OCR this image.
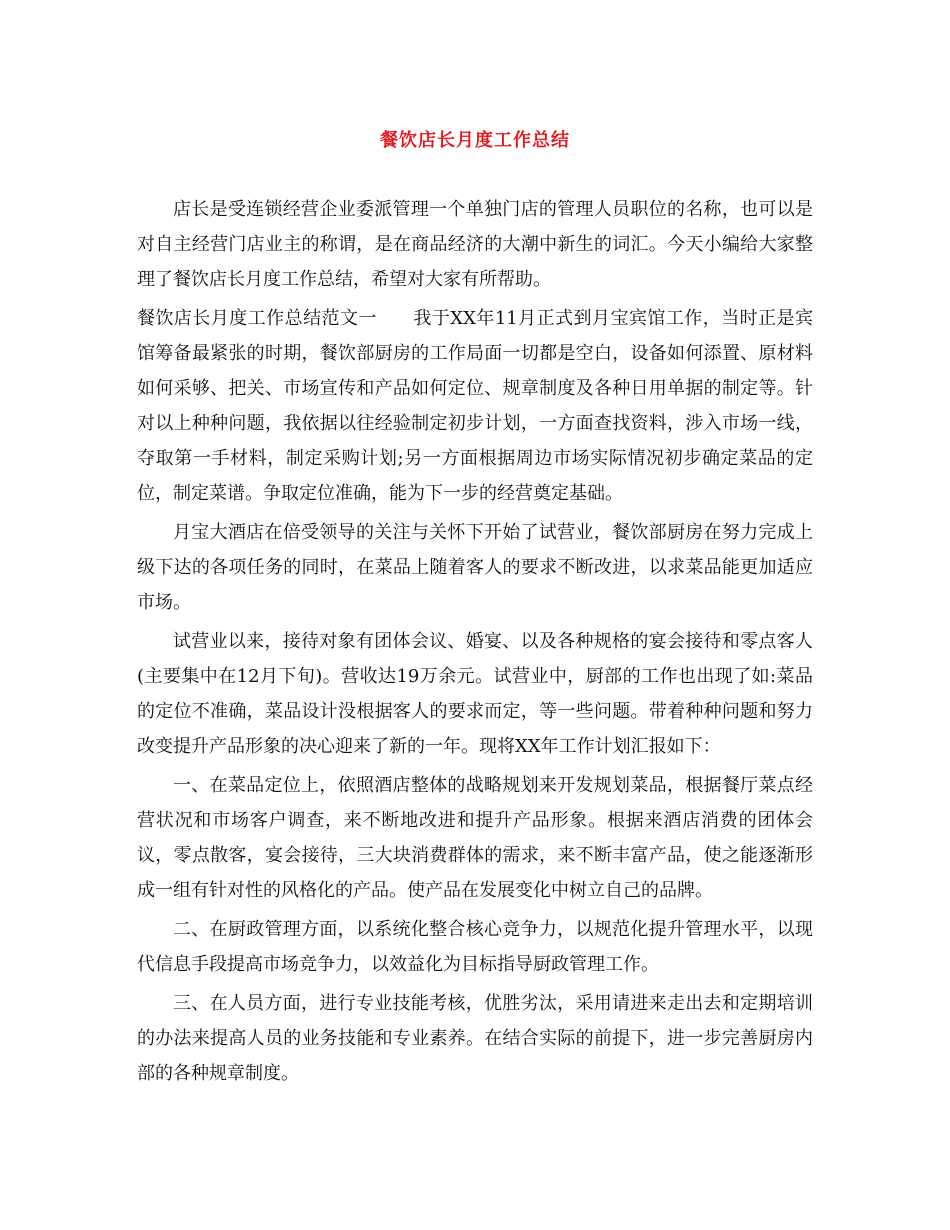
餐饮店长月度工作总结

店长是受连锁经营企业委派管理一个单独门店的管理人员职位的名称，也可以是对自主经营门店业主的称谓，是在商品经济的大潮中新生的词汇。今天小编给大家整理了餐饮店长月度工作总结，希望对大家有所帮助。

餐饮店长月度工作总结范文一 我于XX年11月正式到月宝宾馆工作，当时正是宾馆筹备最紧张的时期，餐饮部厨房的工作局面一切都是空白，设备如何添置、原材料如何采够、把关、市场宣传和产品如何定位、规章制度及各种日用单据的制定等。针对以上种种问题，我依据以往经验制定初步计划，一方面查找资料，涉入市场一线，夺取第一手材料，制定采购计划;另一方面根据周边市场实际情况初步确定菜品的定位，制定菜谱。争取定位准确，能为下一步的经营奠定基础。

月宝大酒店在倍受领导的关注与关怀下开始了试营业，餐饮部厨房在努力完成上级下达的各项任务的同时，在菜品上随着客人的要求不断改进，以求菜品能更加适应市场。

试营业以来，接待对象有团体会议、婚宴、以及各种规格的宴会接待和零点客人(主要集中在12月下旬)。营收达19万余元。试营业中，厨部的工作也出现了如:菜品的定位不准确，菜品设计没根据客人的要求而定，等一些问题。带着种种问题和努力改变提升产品形象的决心迎来了新的一年。现将XX年工作计划汇报如下：

一、在菜品定位上，依照酒店整体的战略规划来开发规划菜品，根据餐厅菜点经营状况和市场客户调查，来不断地改进和提升产品形象。根据来酒店消费的团体会议，零点散客，宴会接待，三大块消费群体的需求，来不断丰富产品，使之能逐渐形成一组有针对性的风格化的产品。使产品在发展变化中树立自己的品牌。

二、在厨政管理方面，以系统化整合核心竞争力，以规范化提升管理水平，以现代信息手段提高市场竞争力，以效益化为目标指导厨政管理工作。

三、在人员方面，进行专业技能考核，优胜劣汰，采用请进来走出去和定期培训的办法来提高人员的业务技能和专业素养。在结合实际的前提下，进一步完善厨房内部的各种规章制度。
